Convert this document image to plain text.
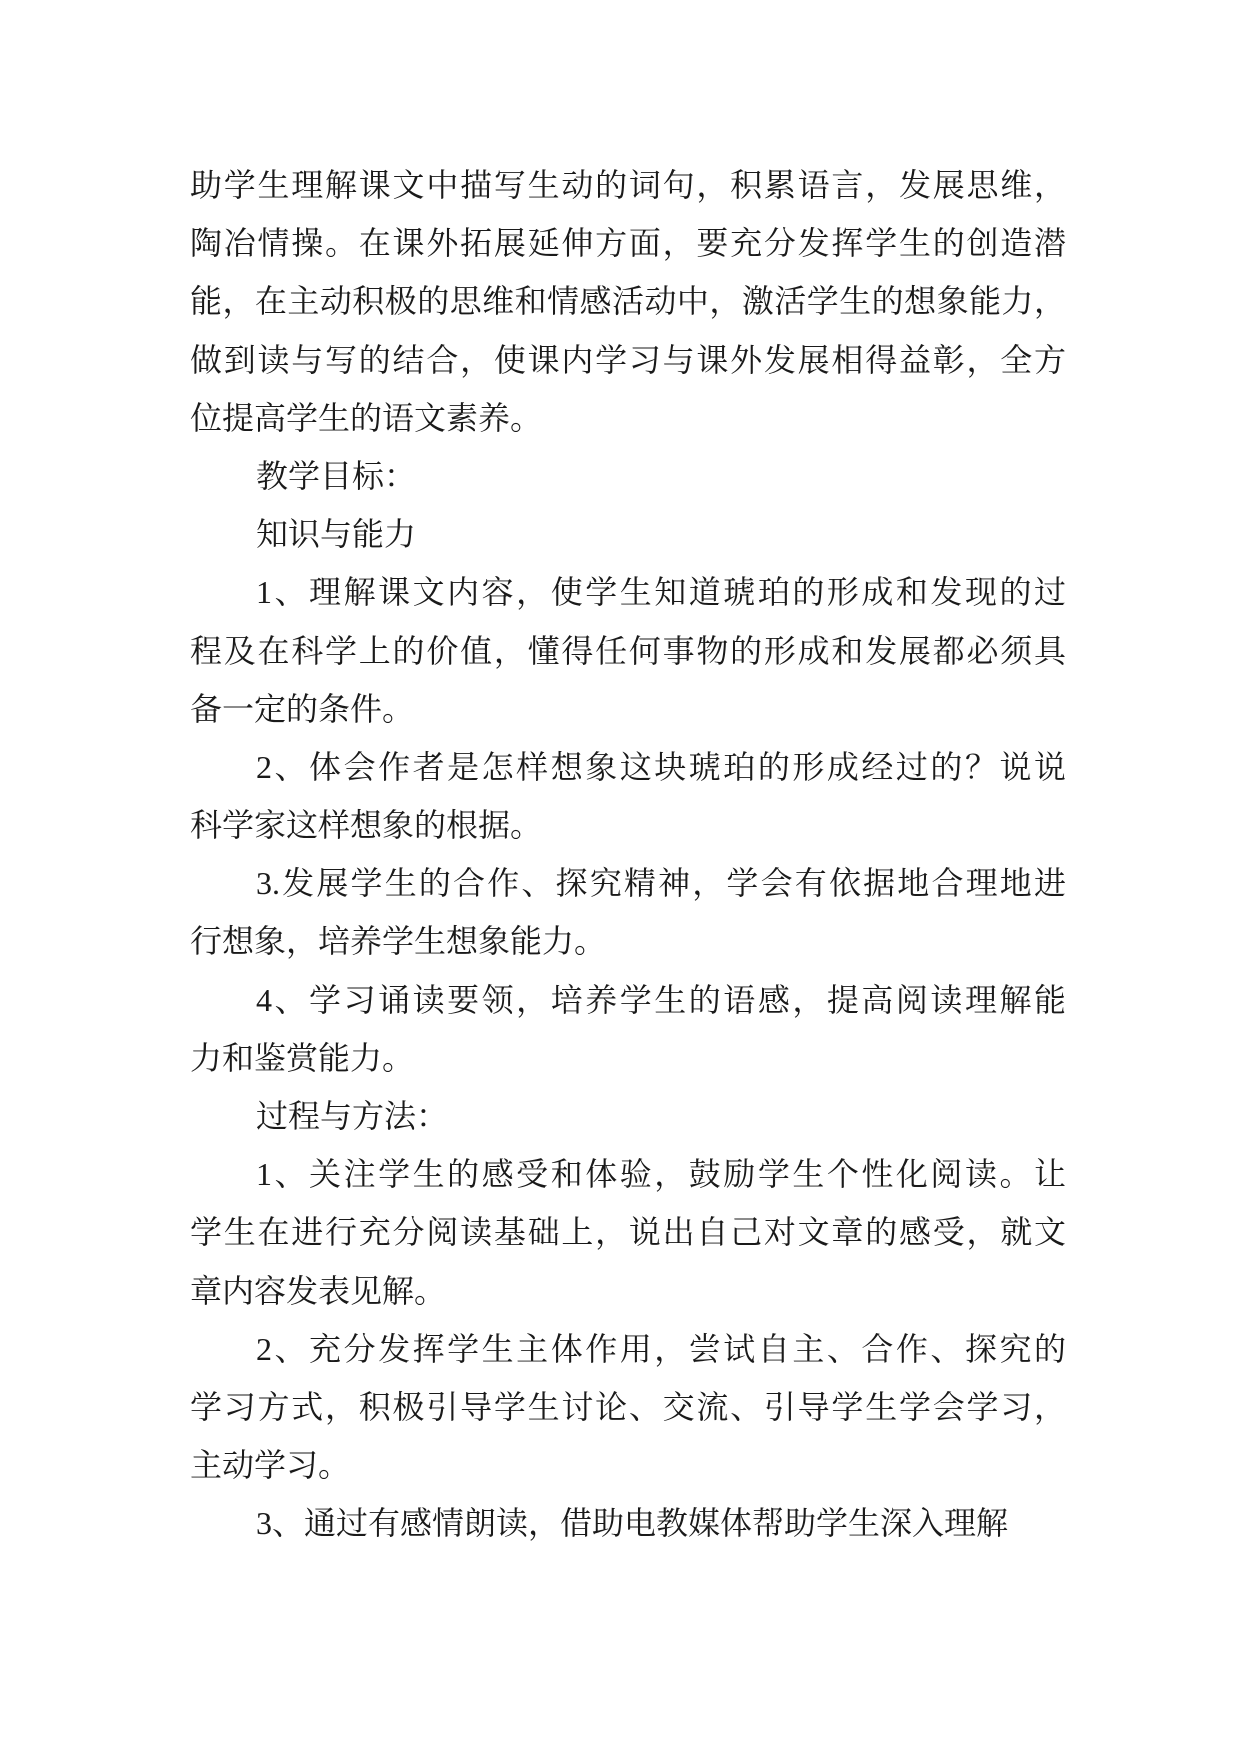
助学生理解课文中描写生动的词句，积累语言，发展思维，
陶冶情操。在课外拓展延伸方面，要充分发挥学生的创造潜
能，在主动积极的思维和情感活动中，激活学生的想象能力，
做到读与写的结合，使课内学习与课外发展相得益彰，全方
位提高学生的语文素养。
教学目标：
知识与能力
1、理解课文内容，使学生知道琥珀的形成和发现的过
程及在科学上的价值，懂得任何事物的形成和发展都必须具
备一定的条件。
2、体会作者是怎样想象这块琥珀的形成经过的？说说
科学家这样想象的根据。
3.发展学生的合作、探究精神，学会有依据地合理地进
行想象，培养学生想象能力。
4、学习诵读要领，培养学生的语感，提高阅读理解能
力和鉴赏能力。
过程与方法：
1、关注学生的感受和体验，鼓励学生个性化阅读。让
学生在进行充分阅读基础上，说出自己对文章的感受，就文
章内容发表见解。
2、充分发挥学生主体作用，尝试自主、合作、探究的
学习方式，积极引导学生讨论、交流、引导学生学会学习，
主动学习。
3、通过有感情朗读，借助电教媒体帮助学生深入理解
